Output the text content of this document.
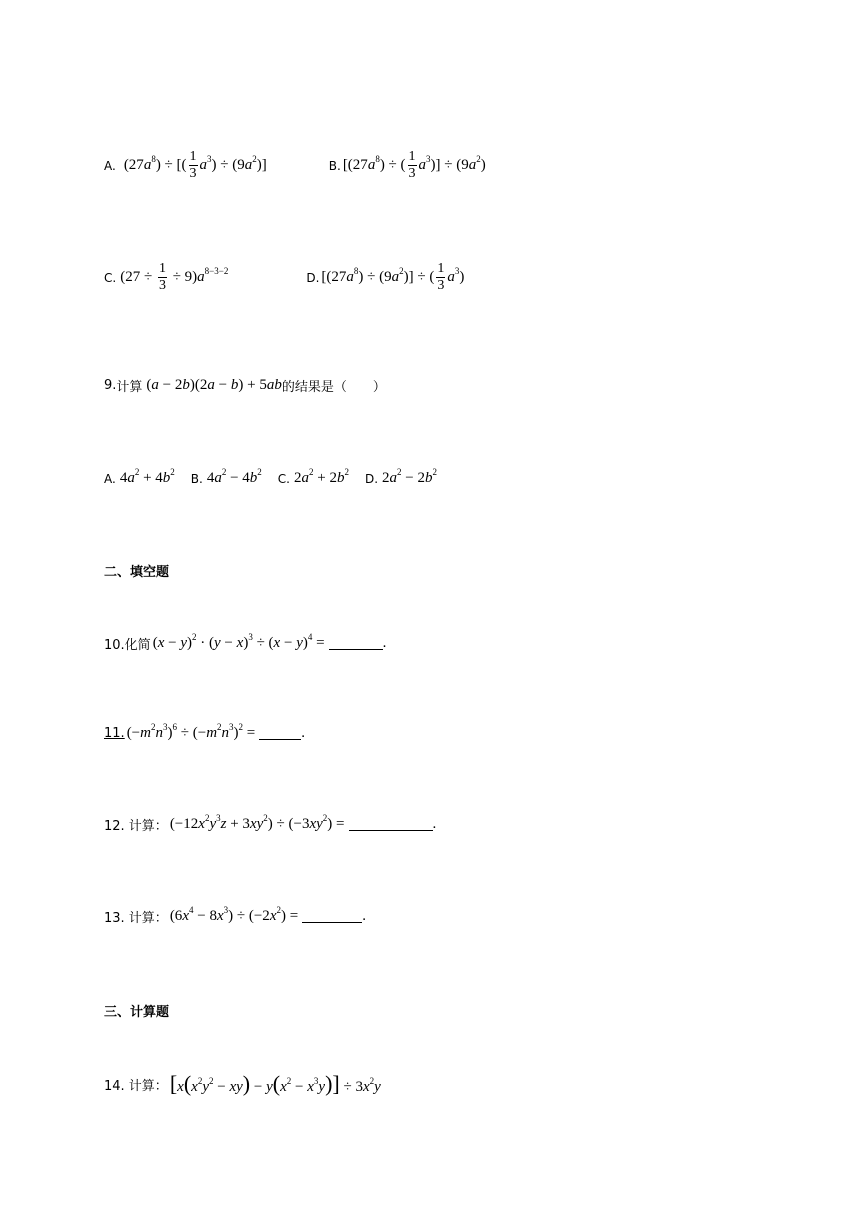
A. $(27a^8)$ ÷ [( $\frac{1}{3} a^3) \div (9a^2)$]	B. [$(27a^8)$ ÷ ( $\frac{1}{3} a^3)] \div (9a^2)$
C. $(27 \div \frac{1}{3} \div 9)a^{8-3-2}$	D. $[(27a^8) \div (9a^2)]$ ÷ ( $\frac{1}{3} a^3$)
9. 计算 (a − 2b)(2a − b) + 5ab 的结果是（　　）
A. $4a^2 + 4b^2$ B. $4a^2 - 4b^2$ C. $2a^2 + 2b^2$ D. $2a^2 - 2b^2$
二、填空题
10.化简 $(x - y)^2 \cdot (y - x)^3 \div (x - y)^4$ =	.
11. $(-m^2n^3)^6 \div (-m^2n^3)^2$ =	.
12. 计算： $(-12x^2y^3z + 3xy^2) \div (-3xy^2)$ =	.
13. 计算： $(6x^4 - 8x^3) \div (-2x^2)$ =	.
三、计算题
14. 计算： $[x(x^2y^2 - xy) - y(x^2 - x^3y)] \div 3x^2y$
